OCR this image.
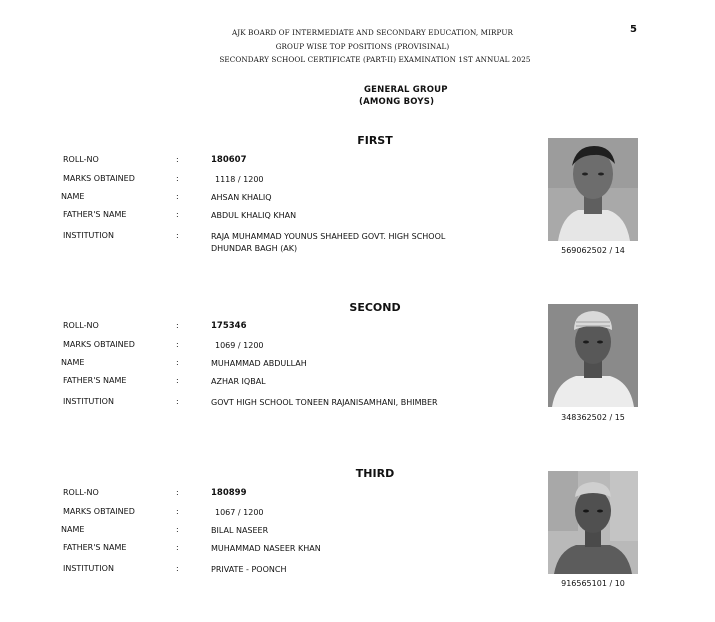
5
AJK BOARD OF INTERMEDIATE AND SECONDARY EDUCATION, MIRPUR
GROUP WISE TOP POSITIONS (PROVISINAL)
SECONDARY SCHOOL CERTIFICATE (PART-II) EXAMINATION 1ST ANNUAL 2025
GENERAL GROUP
(AMONG BOYS)
FIRST
ROLL-NO	:	180607
MARKS OBTAINED	:	1118 / 1200
NAME	:	AHSAN KHALIQ
FATHER'S NAME	:	ABDUL KHALIQ KHAN
INSTITUTION	:	RAJA MUHAMMAD YOUNUS SHAHEED GOVT. HIGH SCHOOL DHUNDAR BAGH (AK)	569062502 / 14
SECOND
ROLL-NO	:	175346
MARKS OBTAINED	:	1069 / 1200
NAME	:	MUHAMMAD ABDULLAH
FATHER'S NAME	:	AZHAR IQBAL
INSTITUTION	:	GOVT HIGH SCHOOL TONEEN RAJANISAMHANI, BHIMBER
348362502 / 15
THIRD
ROLL-NO	:	180899
MARKS OBTAINED	:	1067 / 1200
NAME	:	BILAL NASEER
FATHER'S NAME	:	MUHAMMAD NASEER KHAN
INSTITUTION	:	PRIVATE - POONCH
916565101 / 10
